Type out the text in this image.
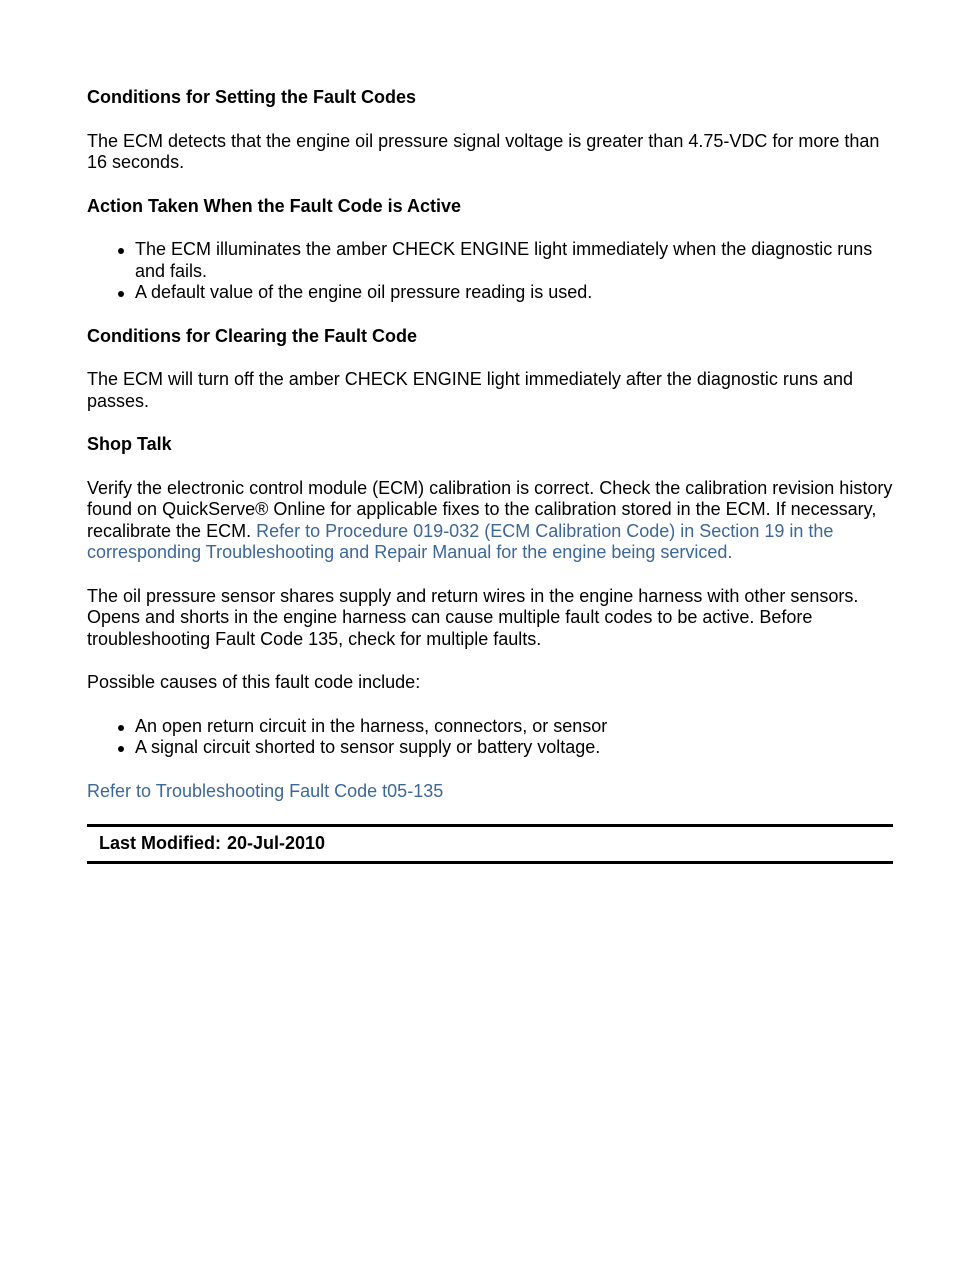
Conditions for Setting the Fault Codes
The ECM detects that the engine oil pressure signal voltage is greater than 4.75-VDC for more than 16 seconds.
Action Taken When the Fault Code is Active
The ECM illuminates the amber CHECK ENGINE light immediately when the diagnostic runs and fails.
A default value of the engine oil pressure reading is used.
Conditions for Clearing the Fault Code
The ECM will turn off the amber CHECK ENGINE light immediately after the diagnostic runs and passes.
Shop Talk
Verify the electronic control module (ECM) calibration is correct. Check the calibration revision history found on QuickServe® Online for applicable fixes to the calibration stored in the ECM. If necessary, recalibrate the ECM. Refer to Procedure 019-032 (ECM Calibration Code) in Section 19 in the corresponding Troubleshooting and Repair Manual for the engine being serviced.
The oil pressure sensor shares supply and return wires in the engine harness with other sensors. Opens and shorts in the engine harness can cause multiple fault codes to be active. Before troubleshooting Fault Code 135, check for multiple faults.
Possible causes of this fault code include:
An open return circuit in the harness, connectors, or sensor
A signal circuit shorted to sensor supply or battery voltage.
Refer to Troubleshooting Fault Code t05-135
Last Modified: 20-Jul-2010
